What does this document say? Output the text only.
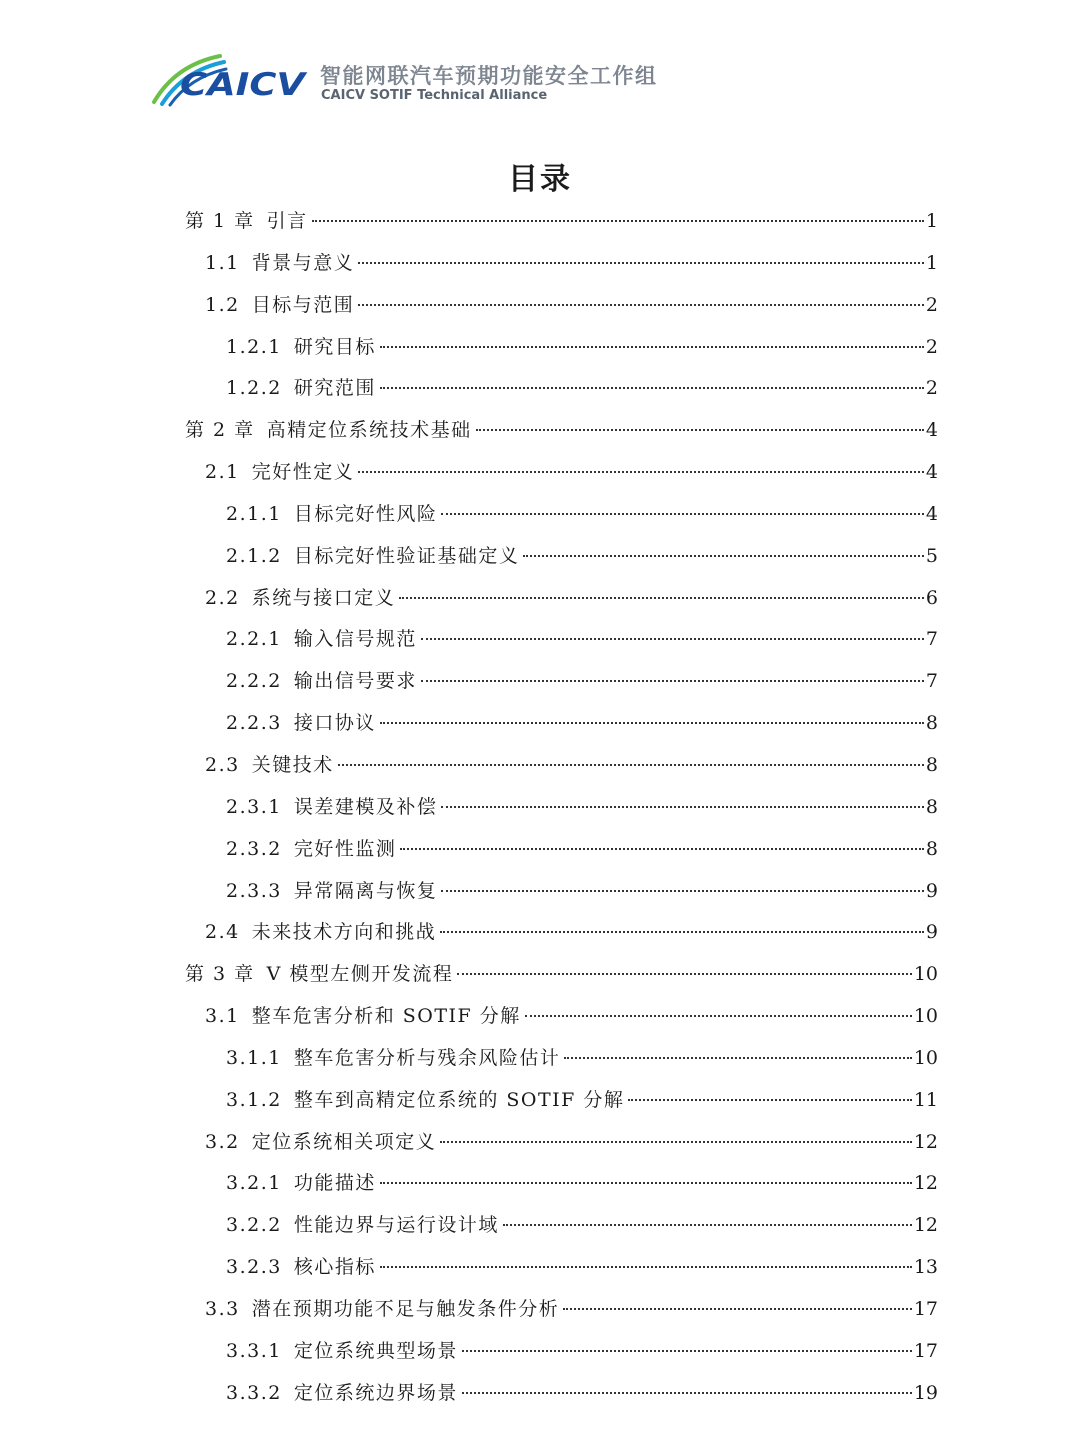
CAICV 智能网联汽车预期功能安全工作组
CAICV SOTIF Technical Alliance
目录
第 1 章 引言	1
1.1 背景与意义	1
1.2 目标与范围	2
1.2.1 研究目标	2
1.2.2 研究范围	2
第 2 章 高精定位系统技术基础	4
2.1 完好性定义	4
2.1.1 目标完好性风险	4
2.1.2 目标完好性验证基础定义	5
2.2 系统与接口定义	6
2.2.1 输入信号规范	7
2.2.2 输出信号要求	7
2.2.3 接口协议	8
2.3 关键技术	8
2.3.1 误差建模及补偿	8
2.3.2 完好性监测	8
2.3.3 异常隔离与恢复	9
2.4 未来技术方向和挑战	9
第 3 章 V 模型左侧开发流程	10
3.1 整车危害分析和 SOTIF 分解	10
3.1.1 整车危害分析与残余风险估计	10
3.1.2 整车到高精定位系统的 SOTIF 分解	11
3.2 定位系统相关项定义	12
3.2.1 功能描述	12
3.2.2 性能边界与运行设计域	12
3.2.3 核心指标	13
3.3 潜在预期功能不足与触发条件分析	17
3.3.1 定位系统典型场景	17
3.3.2 定位系统边界场景	19
